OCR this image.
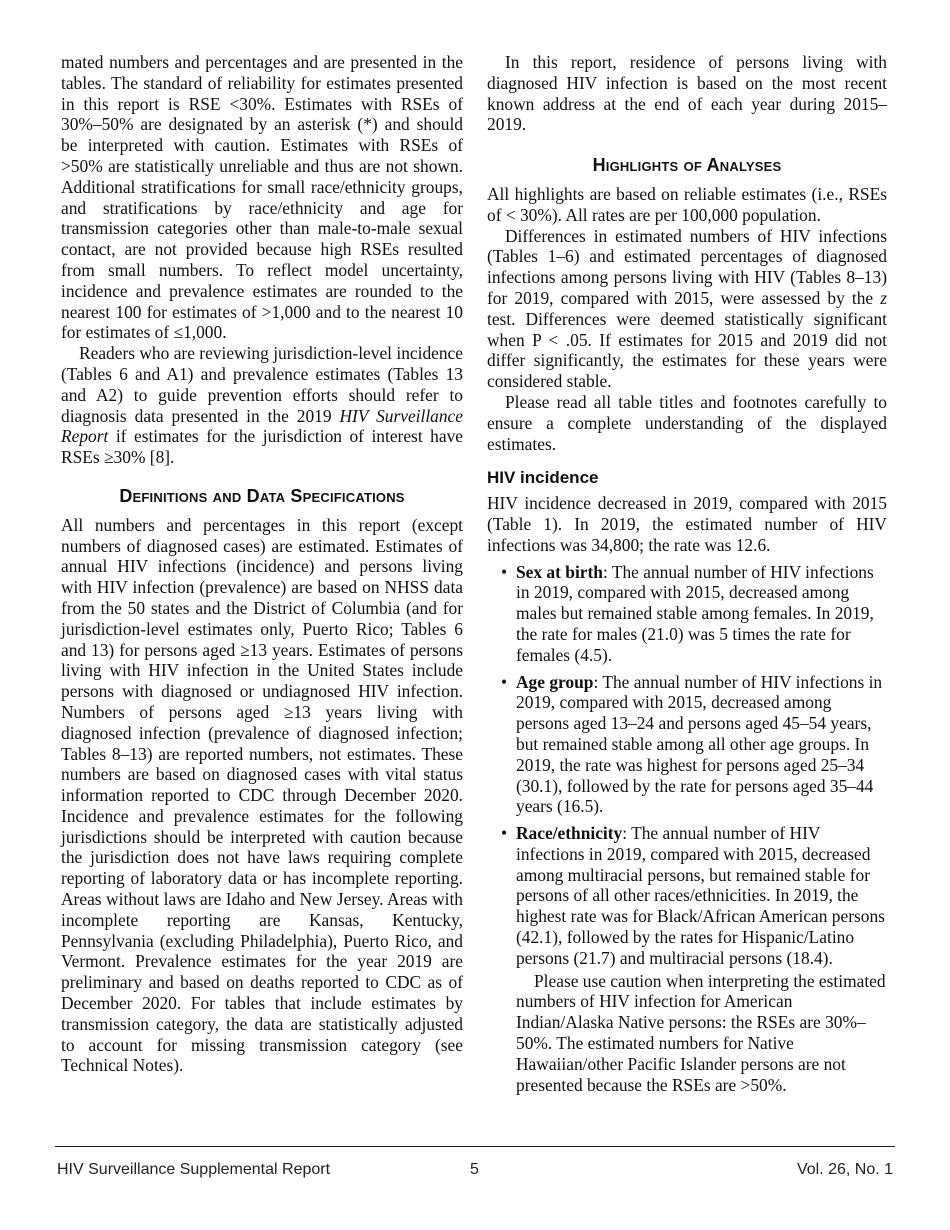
mated numbers and percentages and are presented in the tables. The standard of reliability for estimates presented in this report is RSE <30%. Estimates with RSEs of 30%–50% are designated by an asterisk (*) and should be interpreted with caution. Estimates with RSEs of >50% are statistically unreliable and thus are not shown. Additional stratifications for small race/ethnicity groups, and stratifications by race/ethnicity and age for transmission categories other than male-to-male sexual contact, are not provided because high RSEs resulted from small numbers. To reflect model uncertainty, incidence and prevalence estimates are rounded to the nearest 100 for estimates of >1,000 and to the nearest 10 for estimates of ≤1,000.

Readers who are reviewing jurisdiction-level incidence (Tables 6 and A1) and prevalence estimates (Tables 13 and A2) to guide prevention efforts should refer to diagnosis data presented in the 2019 HIV Surveillance Report if estimates for the jurisdiction of interest have RSEs ≥30% [8].

Definitions and Data Specifications

All numbers and percentages in this report (except numbers of diagnosed cases) are estimated. Estimates of annual HIV infections (incidence) and persons living with HIV infection (prevalence) are based on NHSS data from the 50 states and the District of Columbia (and for jurisdiction-level estimates only, Puerto Rico; Tables 6 and 13) for persons aged ≥13 years. Estimates of persons living with HIV infection in the United States include persons with diagnosed or undiagnosed HIV infection. Numbers of persons aged ≥13 years living with diagnosed infection (prevalence of diagnosed infection; Tables 8–13) are reported numbers, not estimates. These numbers are based on diagnosed cases with vital status information reported to CDC through December 2020. Incidence and prevalence estimates for the following jurisdictions should be interpreted with caution because the jurisdiction does not have laws requiring complete reporting of laboratory data or has incomplete reporting. Areas without laws are Idaho and New Jersey. Areas with incomplete reporting are Kansas, Kentucky, Pennsylvania (excluding Philadelphia), Puerto Rico, and Vermont. Prevalence estimates for the year 2019 are preliminary and based on deaths reported to CDC as of December 2020. For tables that include estimates by transmission category, the data are statistically adjusted to account for missing transmission category (see Technical Notes).

In this report, residence of persons living with diagnosed HIV infection is based on the most recent known address at the end of each year during 2015–2019.

Highlights of Analyses

All highlights are based on reliable estimates (i.e., RSEs of < 30%). All rates are per 100,000 population.

Differences in estimated numbers of HIV infections (Tables 1–6) and estimated percentages of diagnosed infections among persons living with HIV (Tables 8–13) for 2019, compared with 2015, were assessed by the z test. Differences were deemed statistically significant when P < .05. If estimates for 2015 and 2019 did not differ significantly, the estimates for these years were considered stable.

Please read all table titles and footnotes carefully to ensure a complete understanding of the displayed estimates.

HIV incidence

HIV incidence decreased in 2019, compared with 2015 (Table 1). In 2019, the estimated number of HIV infections was 34,800; the rate was 12.6.

• Sex at birth: The annual number of HIV infections in 2019, compared with 2015, decreased among males but remained stable among females. In 2019, the rate for males (21.0) was 5 times the rate for females (4.5).
• Age group: The annual number of HIV infections in 2019, compared with 2015, decreased among persons aged 13–24 and persons aged 45–54 years, but remained stable among all other age groups. In 2019, the rate was highest for persons aged 25–34 (30.1), followed by the rate for persons aged 35–44 years (16.5).
• Race/ethnicity: The annual number of HIV infections in 2019, compared with 2015, decreased among multiracial persons, but remained stable for persons of all other races/ethnicities. In 2019, the highest rate was for Black/African American persons (42.1), followed by the rates for Hispanic/Latino persons (21.7) and multiracial persons (18.4).

Please use caution when interpreting the estimated numbers of HIV infection for American Indian/Alaska Native persons: the RSEs are 30%–50%. The estimated numbers for Native Hawaiian/other Pacific Islander persons are not presented because the RSEs are >50%.

HIV Surveillance Supplemental Report	5	Vol. 26, No. 1
